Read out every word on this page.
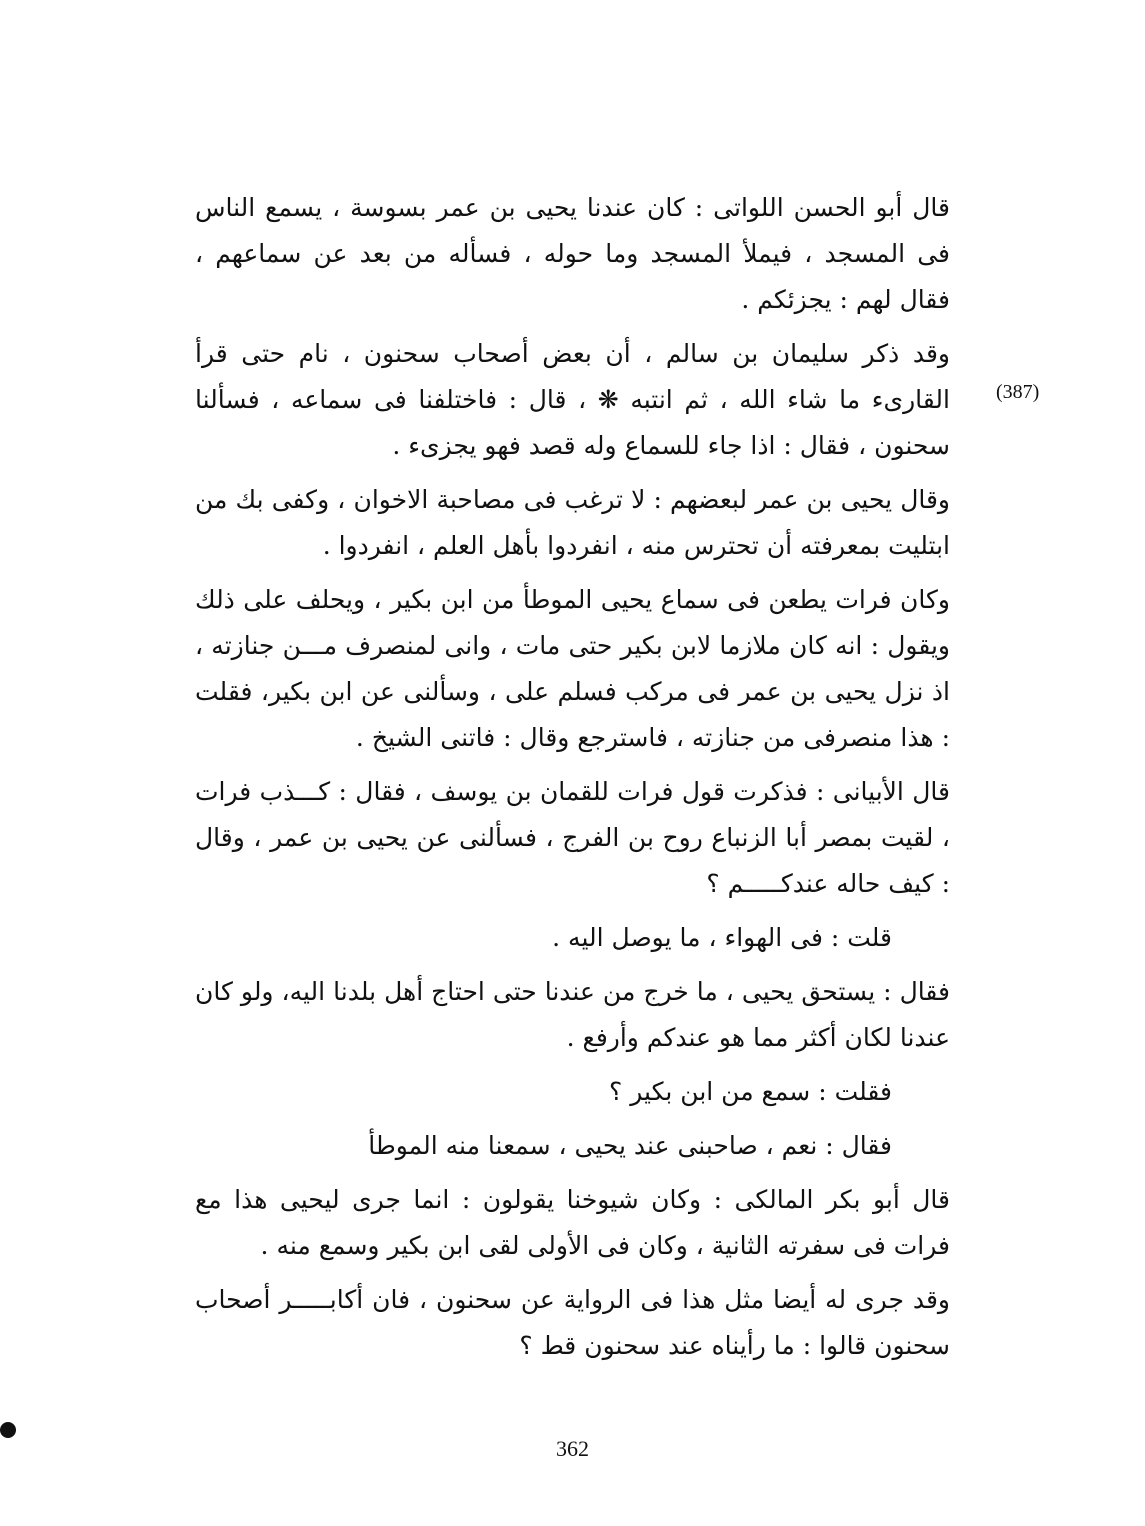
قال أبو الحسن اللواتى : كان عندنا يحيى بن عمر بسوسة ، يسمع الناس فى المسجد ، فيملأ المسجد وما حوله ، فسأله من بعد عن سماعهم ، فقال لهم : يجزئكم .

وقد ذكر سليمان بن سالم ، أن بعض أصحاب سحنون ، نام حتى قرأ القارىء ما شاء الله ، ثم انتبه ❋ ، قال : فاختلفنا فى سماعه ، فسألنا سحنون ، فقال : اذا جاء للسماع وله قصد فهو يجزىء .

وقال يحيى بن عمر لبعضهم : لا ترغب فى مصاحبة الاخوان ، وكفى بك من ابتليت بمعرفته أن تحترس منه ، انفردوا بأهل العلم ، انفردوا .

وكان فرات يطعن فى سماع يحيى الموطأ من ابن بكير ، ويحلف على ذلك ويقول : انه كان ملازما لابن بكير حتى مات ، وانى لمنصرف مـــن جنازته ، اذ نزل يحيى بن عمر فى مركب فسلم على ، وسألنى عن ابن بكير، فقلت : هذا منصرفى من جنازته ، فاسترجع وقال : فاتنى الشيخ .

قال الأبيانى : فذكرت قول فرات للقمان بن يوسف ، فقال : كـــذب فرات ، لقيت بمصر أبا الزنباع روح بن الفرج ، فسألنى عن يحيى بن عمر ، وقال : كيف حاله عندكـــــم ؟

قلت : فى الهواء ، ما يوصل اليه .

فقال : يستحق يحيى ، ما خرج من عندنا حتى احتاج أهل بلدنا اليه، ولو كان عندنا لكان أكثر مما هو عندكم وأرفع .

فقلت : سمع من ابن بكير ؟

فقال : نعم ، صاحبنى عند يحيى ، سمعنا منه الموطأ

قال أبو بكر المالكى : وكان شيوخنا يقولون : انما جرى ليحيى هذا مع فرات فى سفرته الثانية ، وكان فى الأولى لقى ابن بكير وسمع منه .

وقد جرى له أيضا مثل هذا فى الرواية عن سحنون ، فان أكابـــــر أصحاب سحنون قالوا : ما رأيناه عند سحنون قط ؟

(387)
362
